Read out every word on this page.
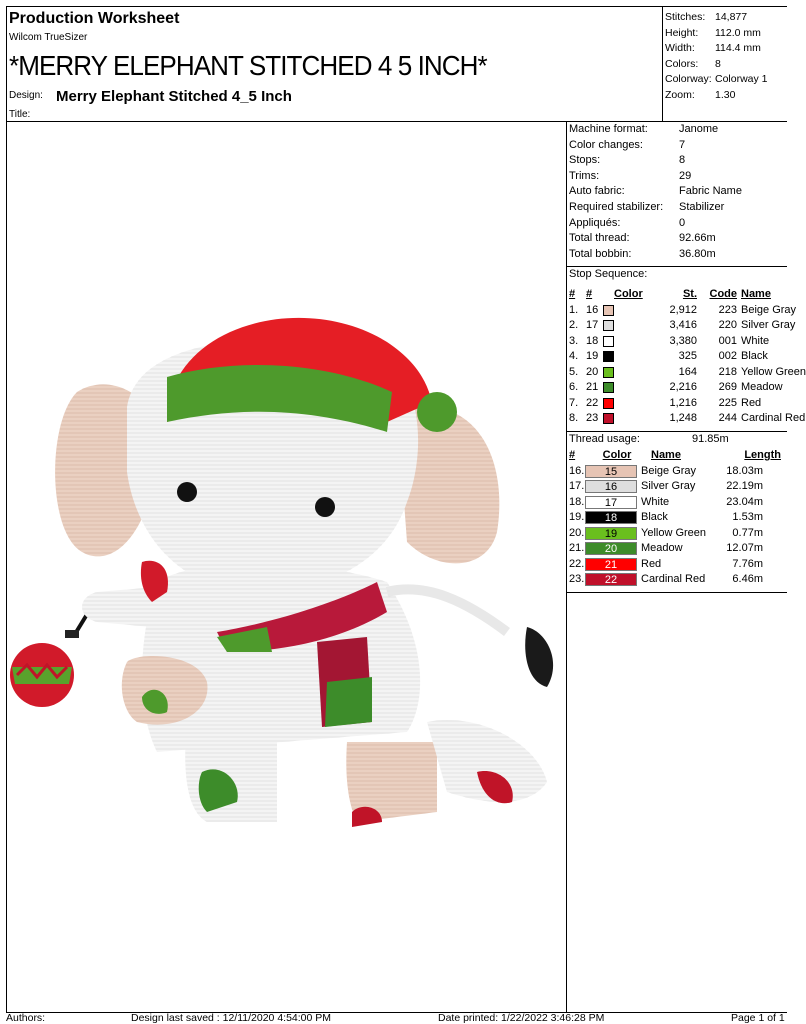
Production Worksheet
Wilcom TrueSizer
*MERRY ELEPHANT STITCHED 4 5 INCH*
Design: Merry Elephant Stitched 4_5 Inch
Title:
Stitches: 14,877
Height:	112.0 mm
Width:	114.4 mm
Colors:	8
Colorway: Colorway 1
Zoom:	1.30
Machine format:	Janome
Color changes:	7
Stops:	8
Trims:	29
Auto fabric:	Fabric Name
Required stabilizer:	Stabilizer
Appliqués:	0
Total thread:	92.66m
Total bobbin:	36.80m
Stop Sequence:
# #	Color	St.	Code Name
1. 16	2,912	223 Beige Gray
2. 17	3,416	220 Silver Gray
3. 18	3,380	001 White
4. 19	325	002 Black
5. 20	164	218 Yellow Green
6. 21	2,216	269 Meadow
7. 22	1,216	225 Red
8. 23	1,248	244 Cardinal Red
Thread usage:	91.85m
#	Color	Name	Length
16.	15	Beige Gray	18.03m
17.	16	Silver Gray	22.19m
18.	17	White	23.04m
19.	18	Black	1.53m
20.	19	Yellow Green	0.77m
21.	20	Meadow	12.07m
22.	21	Red	7.76m
23.	22	Cardinal Red	6.46m
Authors:	Design last saved : 12/11/2020 4:54:00 PM	Date printed: 1/22/2022 3:46:28 PM	Page 1 of 1
